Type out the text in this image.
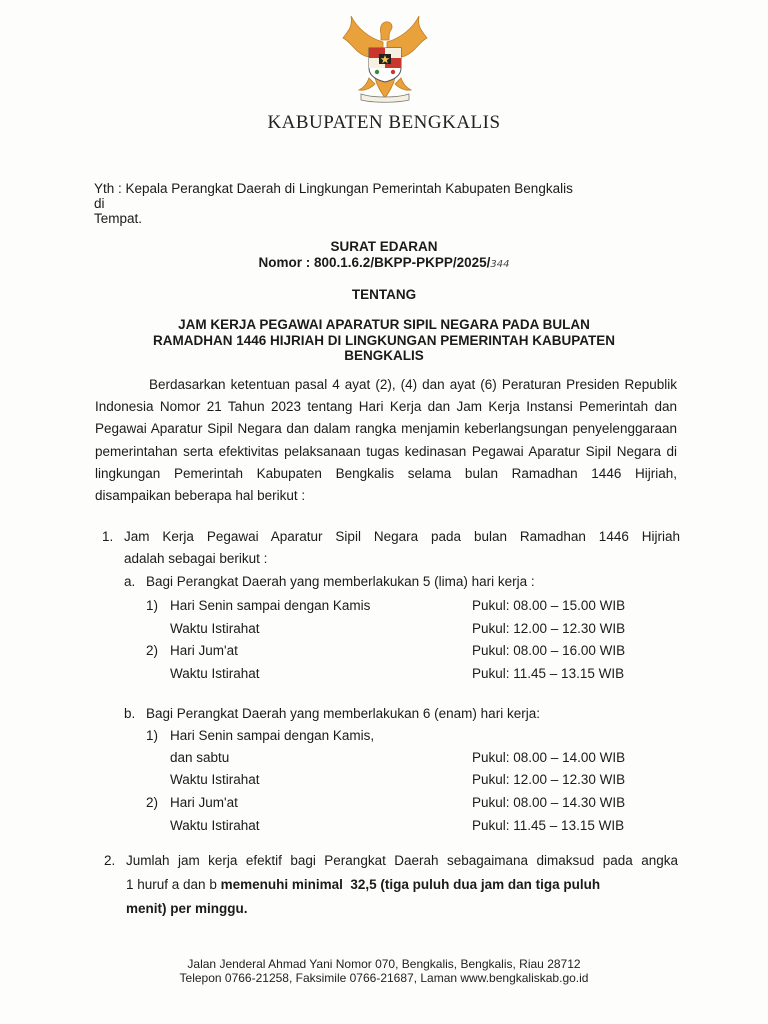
KABUPATEN BENGKALIS
Yth : Kepala Perangkat Daerah di Lingkungan Pemerintah Kabupaten Bengkalis
di
Tempat.
SURAT EDARAN
Nomor : 800.1.6.2/BKPP-PKPP/2025/344
TENTANG
JAM KERJA PEGAWAI APARATUR SIPIL NEGARA PADA BULAN
RAMADHAN 1446 HIJRIAH DI LINGKUNGAN PEMERINTAH KABUPATEN
BENGKALIS

Berdasarkan ketentuan pasal 4 ayat (2), (4) dan ayat (6) Peraturan Presiden Republik Indonesia Nomor 21 Tahun 2023 tentang Hari Kerja dan Jam Kerja Instansi Pemerintah dan Pegawai Aparatur Sipil Negara dan dalam rangka menjamin keberlangsungan penyelenggaraan pemerintahan serta efektivitas pelaksanaan tugas kedinasan Pegawai Aparatur Sipil Negara di lingkungan Pemerintah Kabupaten Bengkalis selama bulan Ramadhan 1446 Hijriah, disampaikan beberapa hal berikut :

1. Jam Kerja Pegawai Aparatur Sipil Negara pada bulan Ramadhan 1446 Hijriah
adalah sebagai berikut :
a. Bagi Perangkat Daerah yang memberlakukan 5 (lima) hari kerja :
1) Hari Senin sampai dengan Kamis	Pukul: 08.00 – 15.00 WIB
Waktu Istirahat	Pukul: 12.00 – 12.30 WIB
2) Hari Jum'at	Pukul: 08.00 – 16.00 WIB
Waktu Istirahat	Pukul: 11.45 – 13.15 WIB
b. Bagi Perangkat Daerah yang memberlakukan 6 (enam) hari kerja:
1) Hari Senin sampai dengan Kamis,
dan sabtu	Pukul: 08.00 – 14.00 WIB
Waktu Istirahat	Pukul: 12.00 – 12.30 WIB
2) Hari Jum'at	Pukul: 08.00 – 14.30 WIB
Waktu Istirahat	Pukul: 11.45 – 13.15 WIB
2. Jumlah jam kerja efektif bagi Perangkat Daerah sebagaimana dimaksud pada angka
1 huruf a dan b memenuhi minimal  32,5 (tiga puluh dua jam dan tiga puluh
menit) per minggu.
Jalan Jenderal Ahmad Yani Nomor 070, Bengkalis, Bengkalis, Riau 28712
Telepon 0766-21258, Faksimile 0766-21687, Laman www.bengkaliskab.go.id
